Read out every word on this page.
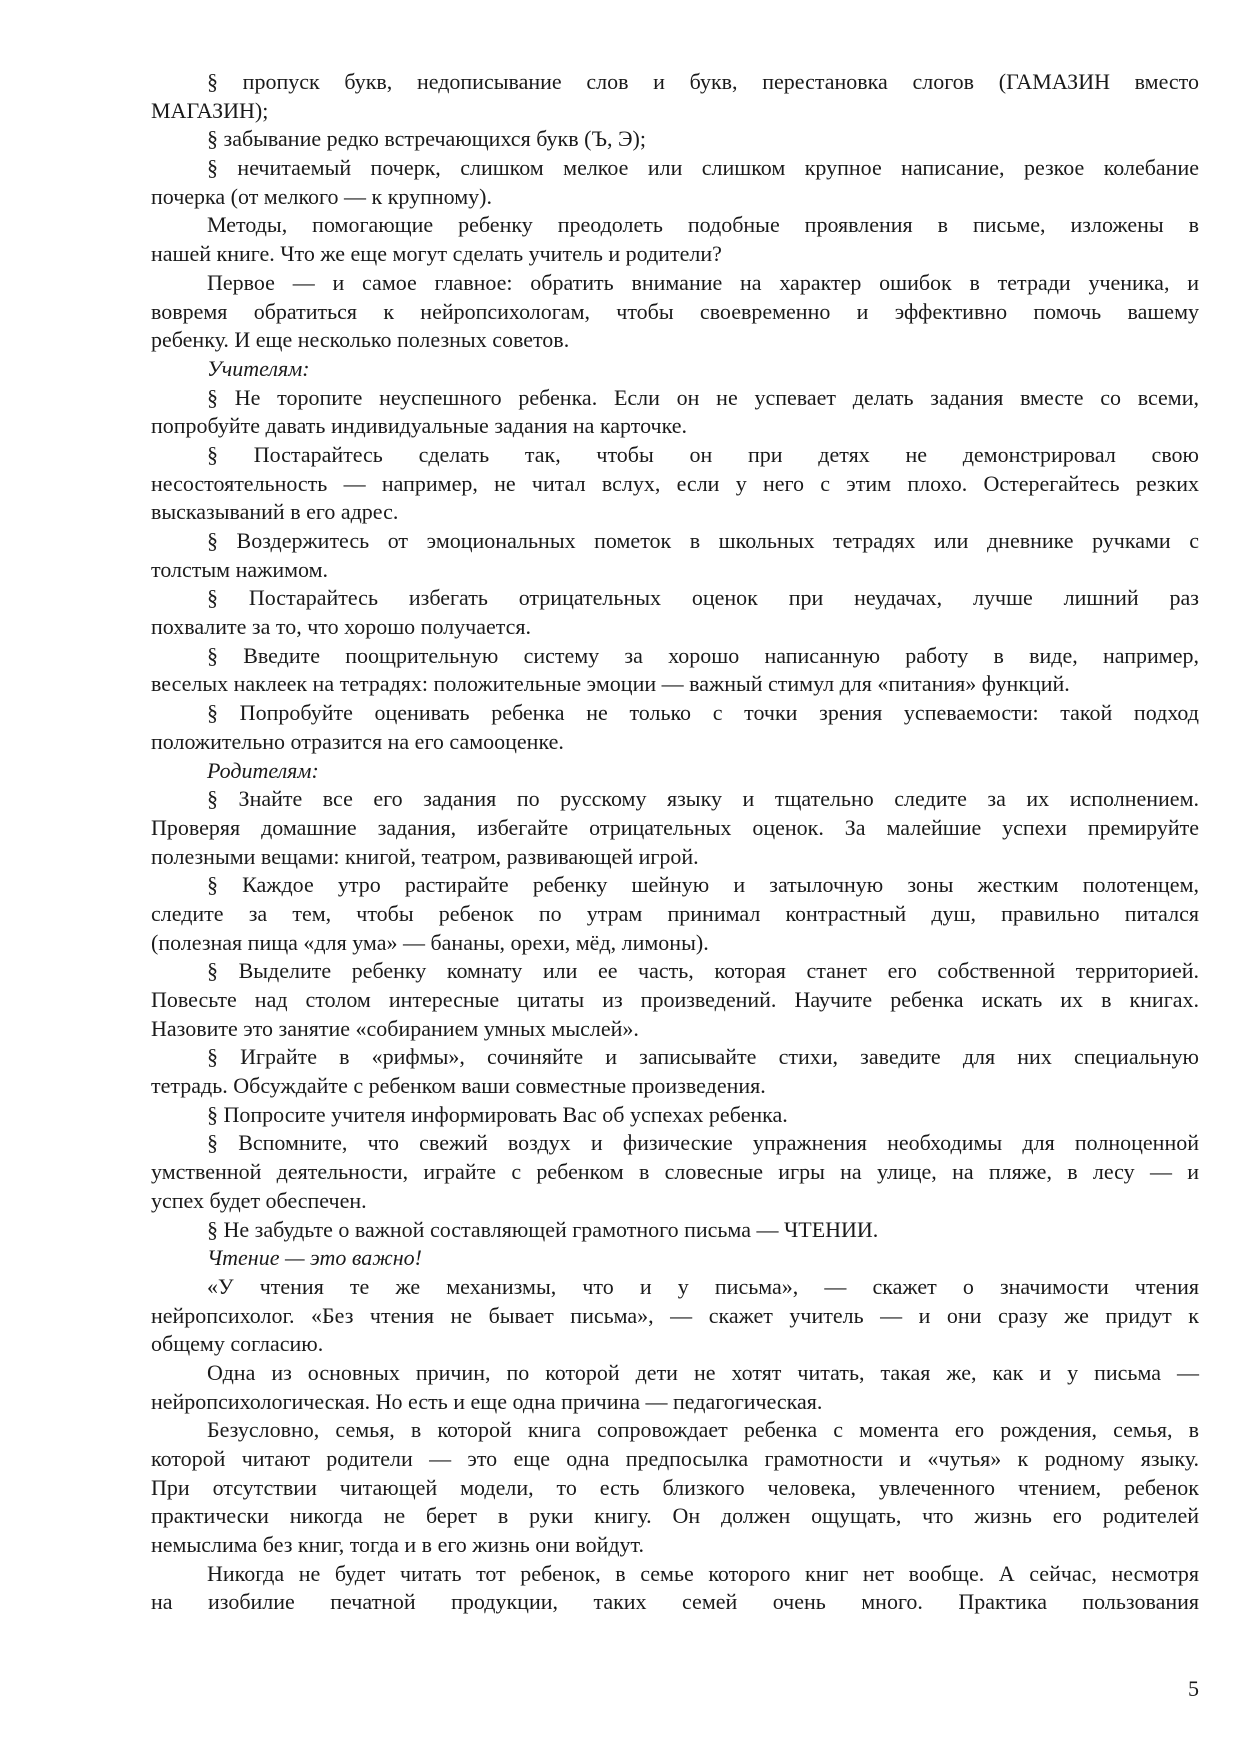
§ пропуск букв, недописывание слов и букв, перестановка слогов (ГАМАЗИН вместо
МАГАЗИН);
§ забывание редко встречающихся букв (Ъ, Э);
§ нечитаемый почерк, слишком мелкое или слишком крупное написание, резкое колебание
почерка (от мелкого — к крупному).
Методы, помогающие ребенку преодолеть подобные проявления в письме, изложены в
нашей книге. Что же еще могут сделать учитель и родители?
Первое — и самое главное: обратить внимание на характер ошибок в тетради ученика, и
вовремя обратиться к нейропсихологам, чтобы своевременно и эффективно помочь вашему
ребенку. И еще несколько полезных советов.
Учителям:
§ Не торопите неуспешного ребенка. Если он не успевает делать задания вместе со всеми,
попробуйте давать индивидуальные задания на карточке.
§ Постарайтесь сделать так, чтобы он при детях не демонстрировал свою
несостоятельность — например, не читал вслух, если у него с этим плохо. Остерегайтесь резких
высказываний в его адрес.
§ Воздержитесь от эмоциональных пометок в школьных тетрадях или дневнике ручками с
толстым нажимом.
§ Постарайтесь избегать отрицательных оценок при неудачах, лучше лишний раз
похвалите за то, что хорошо получается.
§ Введите поощрительную систему за хорошо написанную работу в виде, например,
веселых наклеек на тетрадях: положительные эмоции — важный стимул для «питания» функций.
§ Попробуйте оценивать ребенка не только с точки зрения успеваемости: такой подход
положительно отразится на его самооценке.
Родителям:
§ Знайте все его задания по русскому языку и тщательно следите за их исполнением.
Проверяя домашние задания, избегайте отрицательных оценок. За малейшие успехи премируйте
полезными вещами: книгой, театром, развивающей игрой.
§ Каждое утро растирайте ребенку шейную и затылочную зоны жестким полотенцем,
следите за тем, чтобы ребенок по утрам принимал контрастный душ, правильно питался
(полезная пища «для ума» — бананы, орехи, мёд, лимоны).
§ Выделите ребенку комнату или ее часть, которая станет его собственной территорией.
Повесьте над столом интересные цитаты из произведений. Научите ребенка искать их в книгах.
Назовите это занятие «собиранием умных мыслей».
§ Играйте в «рифмы», сочиняйте и записывайте стихи, заведите для них специальную
тетрадь. Обсуждайте с ребенком ваши совместные произведения.
§ Попросите учителя информировать Вас об успехах ребенка.
§ Вспомните, что свежий воздух и физические упражнения необходимы для полноценной
умственной деятельности, играйте с ребенком в словесные игры на улице, на пляже, в лесу — и
успех будет обеспечен.
§ Не забудьте о важной составляющей грамотного письма — ЧТЕНИИ.
Чтение — это важно!
«У чтения те же механизмы, что и у письма», — скажет о значимости чтения
нейропсихолог. «Без чтения не бывает письма», — скажет учитель — и они сразу же придут к
общему согласию.
Одна из основных причин, по которой дети не хотят читать, такая же, как и у письма —
нейропсихологическая. Но есть и еще одна причина — педагогическая.
Безусловно, семья, в которой книга сопровождает ребенка с момента его рождения, семья, в
которой читают родители — это еще одна предпосылка грамотности и «чутья» к родному языку.
При отсутствии читающей модели, то есть близкого человека, увлеченного чтением, ребенок
практически никогда не берет в руки книгу. Он должен ощущать, что жизнь его родителей
немыслима без книг, тогда и в его жизнь они войдут.
Никогда не будет читать тот ребенок, в семье которого книг нет вообще. А сейчас, несмотря
на изобилие печатной продукции, таких семей очень много. Практика пользования
5
